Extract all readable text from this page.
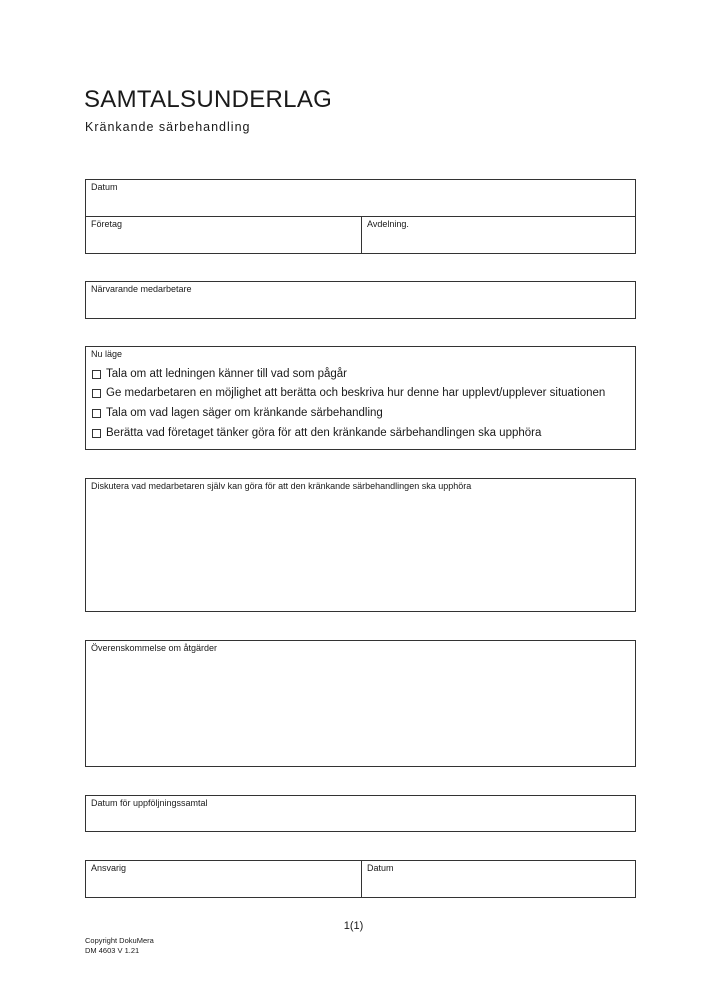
SAMTALSUNDERLAG
Kränkande särbehandling
Datum
Företag	Avdelning.
Närvarande medarbetare
Nu läge
Tala om att ledningen känner till vad som pågår
Ge medarbetaren en möjlighet att berätta och beskriva hur denne har upplevt/upplever situationen
Tala om vad lagen säger om kränkande särbehandling
Berätta vad företaget tänker göra för att den kränkande särbehandlingen ska upphöra
Diskutera vad medarbetaren själv kan göra för att den kränkande särbehandlingen ska upphöra
Överenskommelse om åtgärder
Datum för uppföljningssamtal
Ansvarig	Datum
1(1)
Copyright DokuMera
DM 4603 V 1.21
